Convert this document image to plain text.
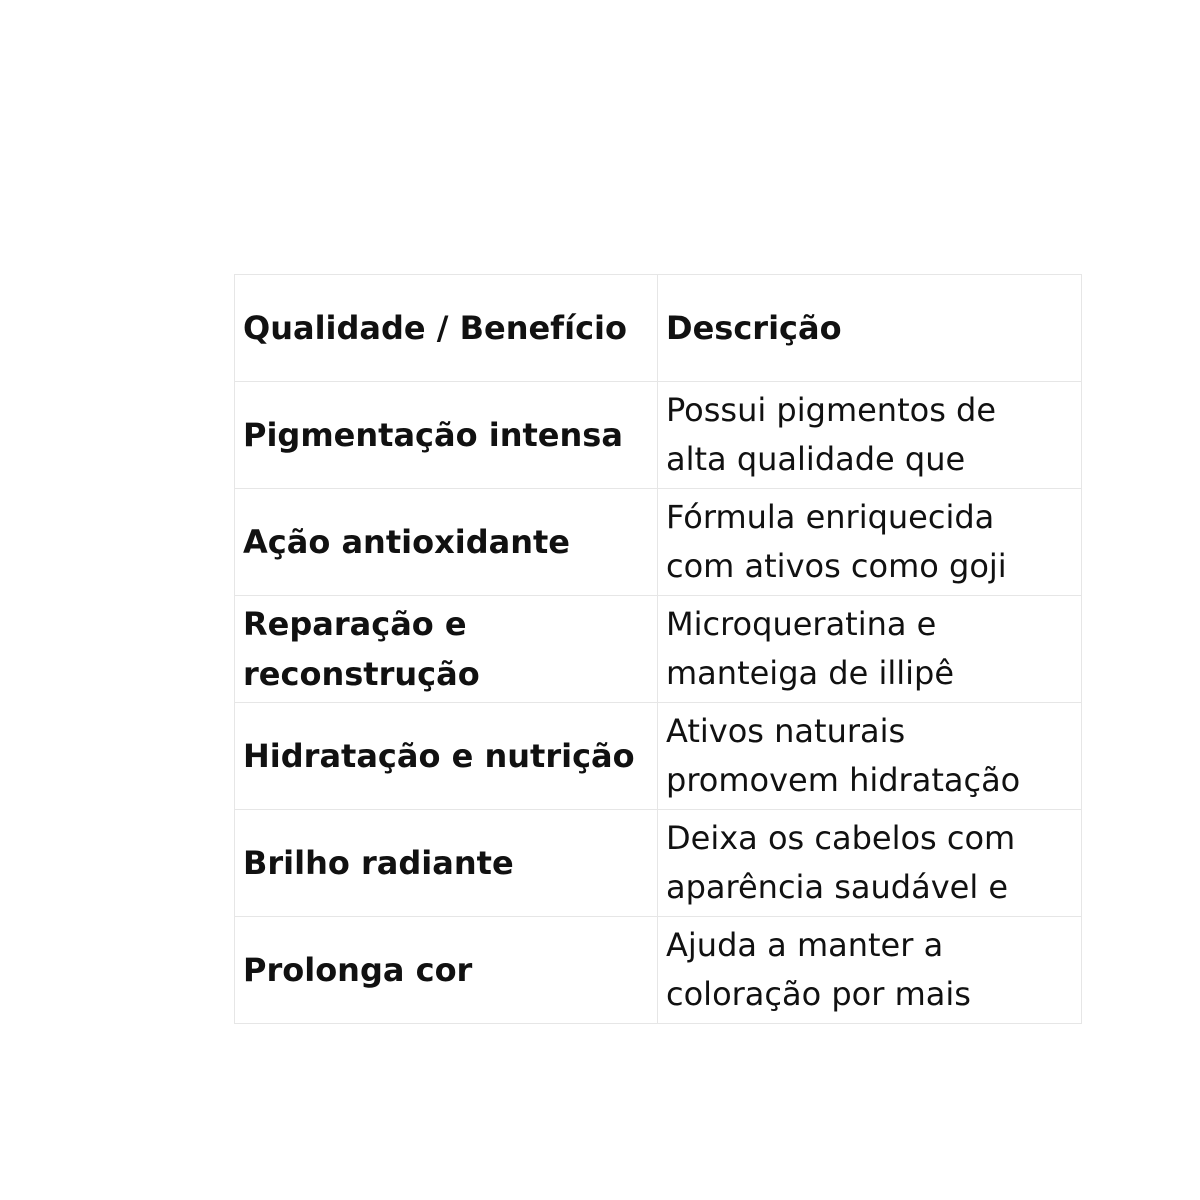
Qualidade / Benefício	Descrição
Pigmentação intensa	Possui pigmentos de
alta qualidade que

Ação antioxidante	Fórmula enriquecida
com ativos como goji

Reparação e reconstrução	Microqueratina e
manteiga de illipê

Hidratação e nutrição	Ativos naturais
promovem hidratação

Brilho radiante	Deixa os cabelos com
aparência saudável e

Prolonga cor	Ajuda a manter a
coloração por mais
